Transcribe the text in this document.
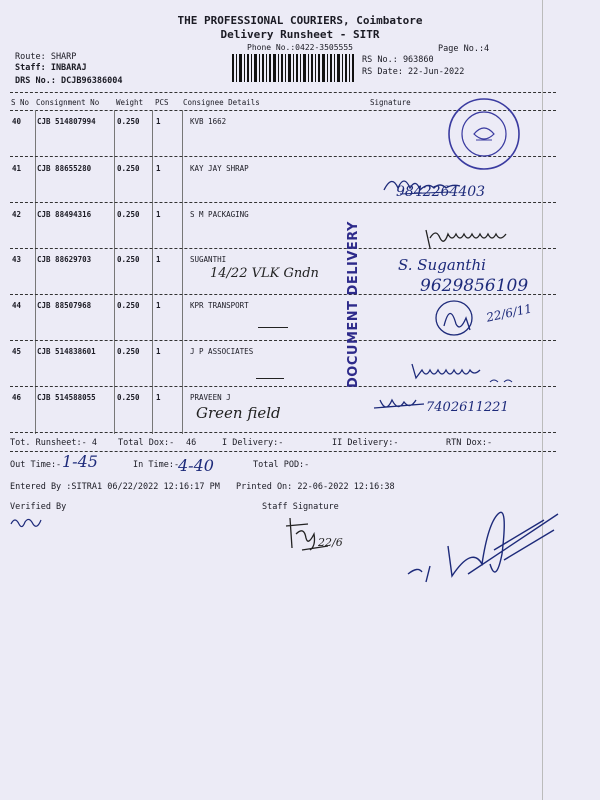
THE PROFESSIONAL COURIERS, Coimbatore
Delivery Runsheet - SITR
Phone No.:0422-3505555	Page No.:4
Route: SHARP
Staff: INBARAJ
DRS No.: DCJB96386004
RS No.: 963860
RS Date: 22-Jun-2022
S No Consignment No Weight PCS Consignee Details	Signature
40 CJB 514807994	0.250 1	KVB 1662
41 CJB 88655280	0.250 1	KAY JAY SHRAP
42 CJB 88494316	0.250 1	S M PACKAGING
43 CJB 88629703	0.250 1	SUGANTHI
44 CJB 88507968	0.250 1	KPR TRANSPORT
45 CJB 514838601	0.250 1	J P ASSOCIATES
46 CJB 514588055	0.250 1	PRAVEEN J
DOCUMENT DELIVERY
9842264403
14/22 VLK Gndn	S. Suganthi
9629856109
22/6/11
Green field	7402611221
Tot. Runsheet:- 4 Total Dox:- 46	I Delivery:-	II Delivery:-	RTN Dox:-
Out Time:- 1-45	In Time:-
4-40	Total POD:-
Entered By :SITRA1 06/22/2022 12:16:17 PM Printed On: 22-06-2022 12:16:38
Verified By	Staff Signature
22/6
